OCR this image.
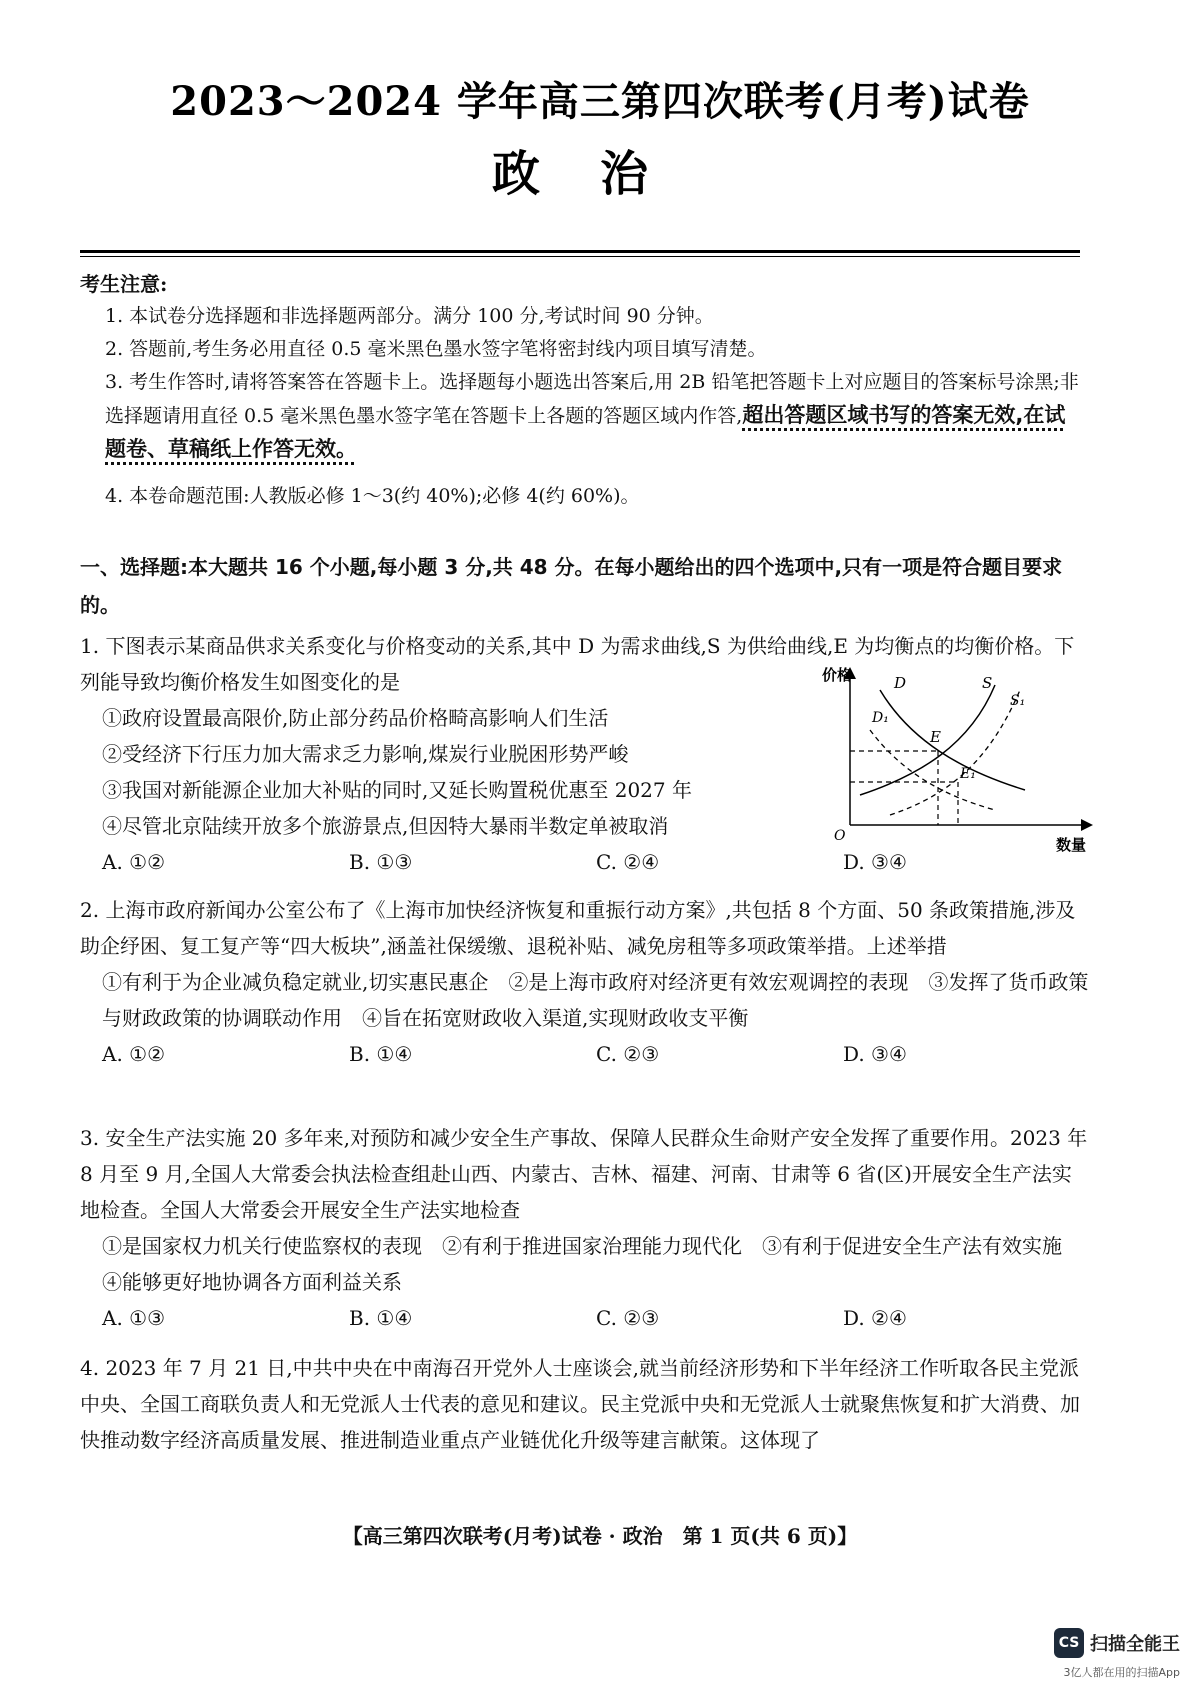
2023～2024 学年高三第四次联考(月考)试卷
政治
考生注意:
1. 本试卷分选择题和非选择题两部分。满分 100 分,考试时间 90 分钟。
2. 答题前,考生务必用直径 0.5 毫米黑色墨水签字笔将密封线内项目填写清楚。
3. 考生作答时,请将答案答在答题卡上。选择题每小题选出答案后,用 2B 铅笔把答题卡上对应题目的答案标号涂黑;非选择题请用直径 0.5 毫米黑色墨水签字笔在答题卡上各题的答题区域内作答,超出答题区域书写的答案无效,在试题卷、草稿纸上作答无效。
4. 本卷命题范围:人教版必修 1～3(约 40%);必修 4(约 60%)。
一、选择题:本大题共 16 个小题,每小题 3 分,共 48 分。在每小题给出的四个选项中,只有一项是符合题目要求的。
1. 下图表示某商品供求关系变化与价格变动的关系,其中 D 为需求曲线,S 为供给曲线,E 为均衡点的均衡价格。下列能导致均衡价格发生如图变化的是
①政府设置最高限价,防止部分药品价格畸高影响人们生活
②受经济下行压力加大需求乏力影响,煤炭行业脱困形势严峻
③我国对新能源企业加大补贴的同时,又延长购置税优惠至 2027 年
④尽管北京陆续开放多个旅游景点,但因特大暴雨半数定单被取消
A. ①②	B. ①③	C. ②④	D. ③④
价格
数量
O
D	S
D₁
S₁
E
E₁
2. 上海市政府新闻办公室公布了《上海市加快经济恢复和重振行动方案》,共包括 8 个方面、50 条政策措施,涉及助企纾困、复工复产等“四大板块”,涵盖社保缓缴、退税补贴、减免房租等多项政策举措。上述举措
①有利于为企业减负稳定就业,切实惠民惠企　②是上海市政府对经济更有效宏观调控的表现　③发挥了货币政策与财政政策的协调联动作用　④旨在拓宽财政收入渠道,实现财政收支平衡
A. ①②	B. ①④	C. ②③	D. ③④
3. 安全生产法实施 20 多年来,对预防和减少安全生产事故、保障人民群众生命财产安全发挥了重要作用。2023 年 8 月至 9 月,全国人大常委会执法检查组赴山西、内蒙古、吉林、福建、河南、甘肃等 6 省(区)开展安全生产法实地检查。全国人大常委会开展安全生产法实地检查
①是国家权力机关行使监察权的表现　②有利于推进国家治理能力现代化　③有利于促进安全生产法有效实施　④能够更好地协调各方面利益关系
A. ①③	B. ①④	C. ②③	D. ②④
4. 2023 年 7 月 21 日,中共中央在中南海召开党外人士座谈会,就当前经济形势和下半年经济工作听取各民主党派中央、全国工商联负责人和无党派人士代表的意见和建议。民主党派中央和无党派人士就聚焦恢复和扩大消费、加快推动数字经济高质量发展、推进制造业重点产业链优化升级等建言献策。这体现了
【高三第四次联考(月考)试卷 · 政治　第 1 页(共 6 页)】
CS 扫描全能王
3亿人都在用的扫描App
